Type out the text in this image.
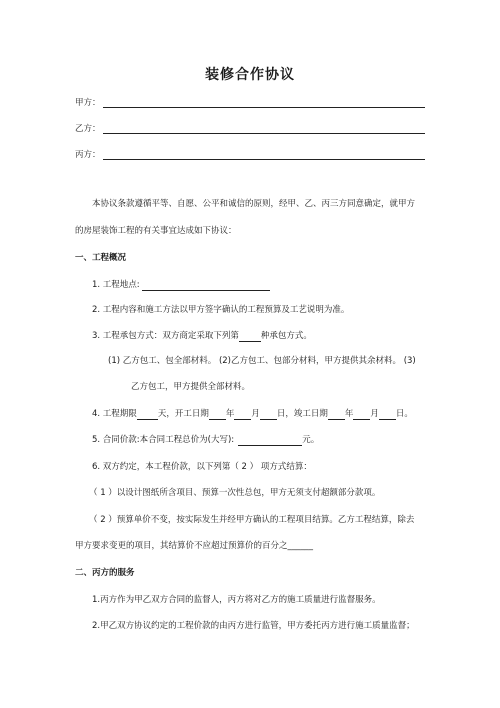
装修合作协议
甲方：
乙方：
丙方：
本协议条款遵循平等、自愿、公平和诚信的原则，经甲、乙、丙三方同意确定，就甲方
的房屋装饰工程的有关事宜达成如下协议：
一、工程概况
1. 工程地点:
2. 工程内容和施工方法以甲方签字确认的工程预算及工艺说明为准。
3. 工程承包方式：双方商定采取下列第	种承包方式。
(1) 乙方包工、包全部材料。 (2)乙方包工、包部分材料，甲方提供其余材料。 (3)
乙方包工，甲方提供全部材料。
4. 工程期限 天，开工日期 年 月 日，竣工日期 年 月 日。
5. 合同价款:本合同工程总价为(大写):	元。
6. 双方约定，本工程价款，以下列第（ 2 ） 项方式结算：
（ 1 ）以设计图纸所含项目、预算一次性总包，甲方无须支付超额部分款项。
（ 2 ）预算单价不变，按实际发生并经甲方确认的工程项目结算。乙方工程结算，除去
甲方要求变更的项目，其结算价不应超过预算价的百分之______
二、丙方的服务
1.丙方作为甲乙双方合同的监督人，丙方将对乙方的施工质量进行监督服务。
2.甲乙双方协议约定的工程价款的由丙方进行监管，甲方委托丙方进行施工质量监督；
